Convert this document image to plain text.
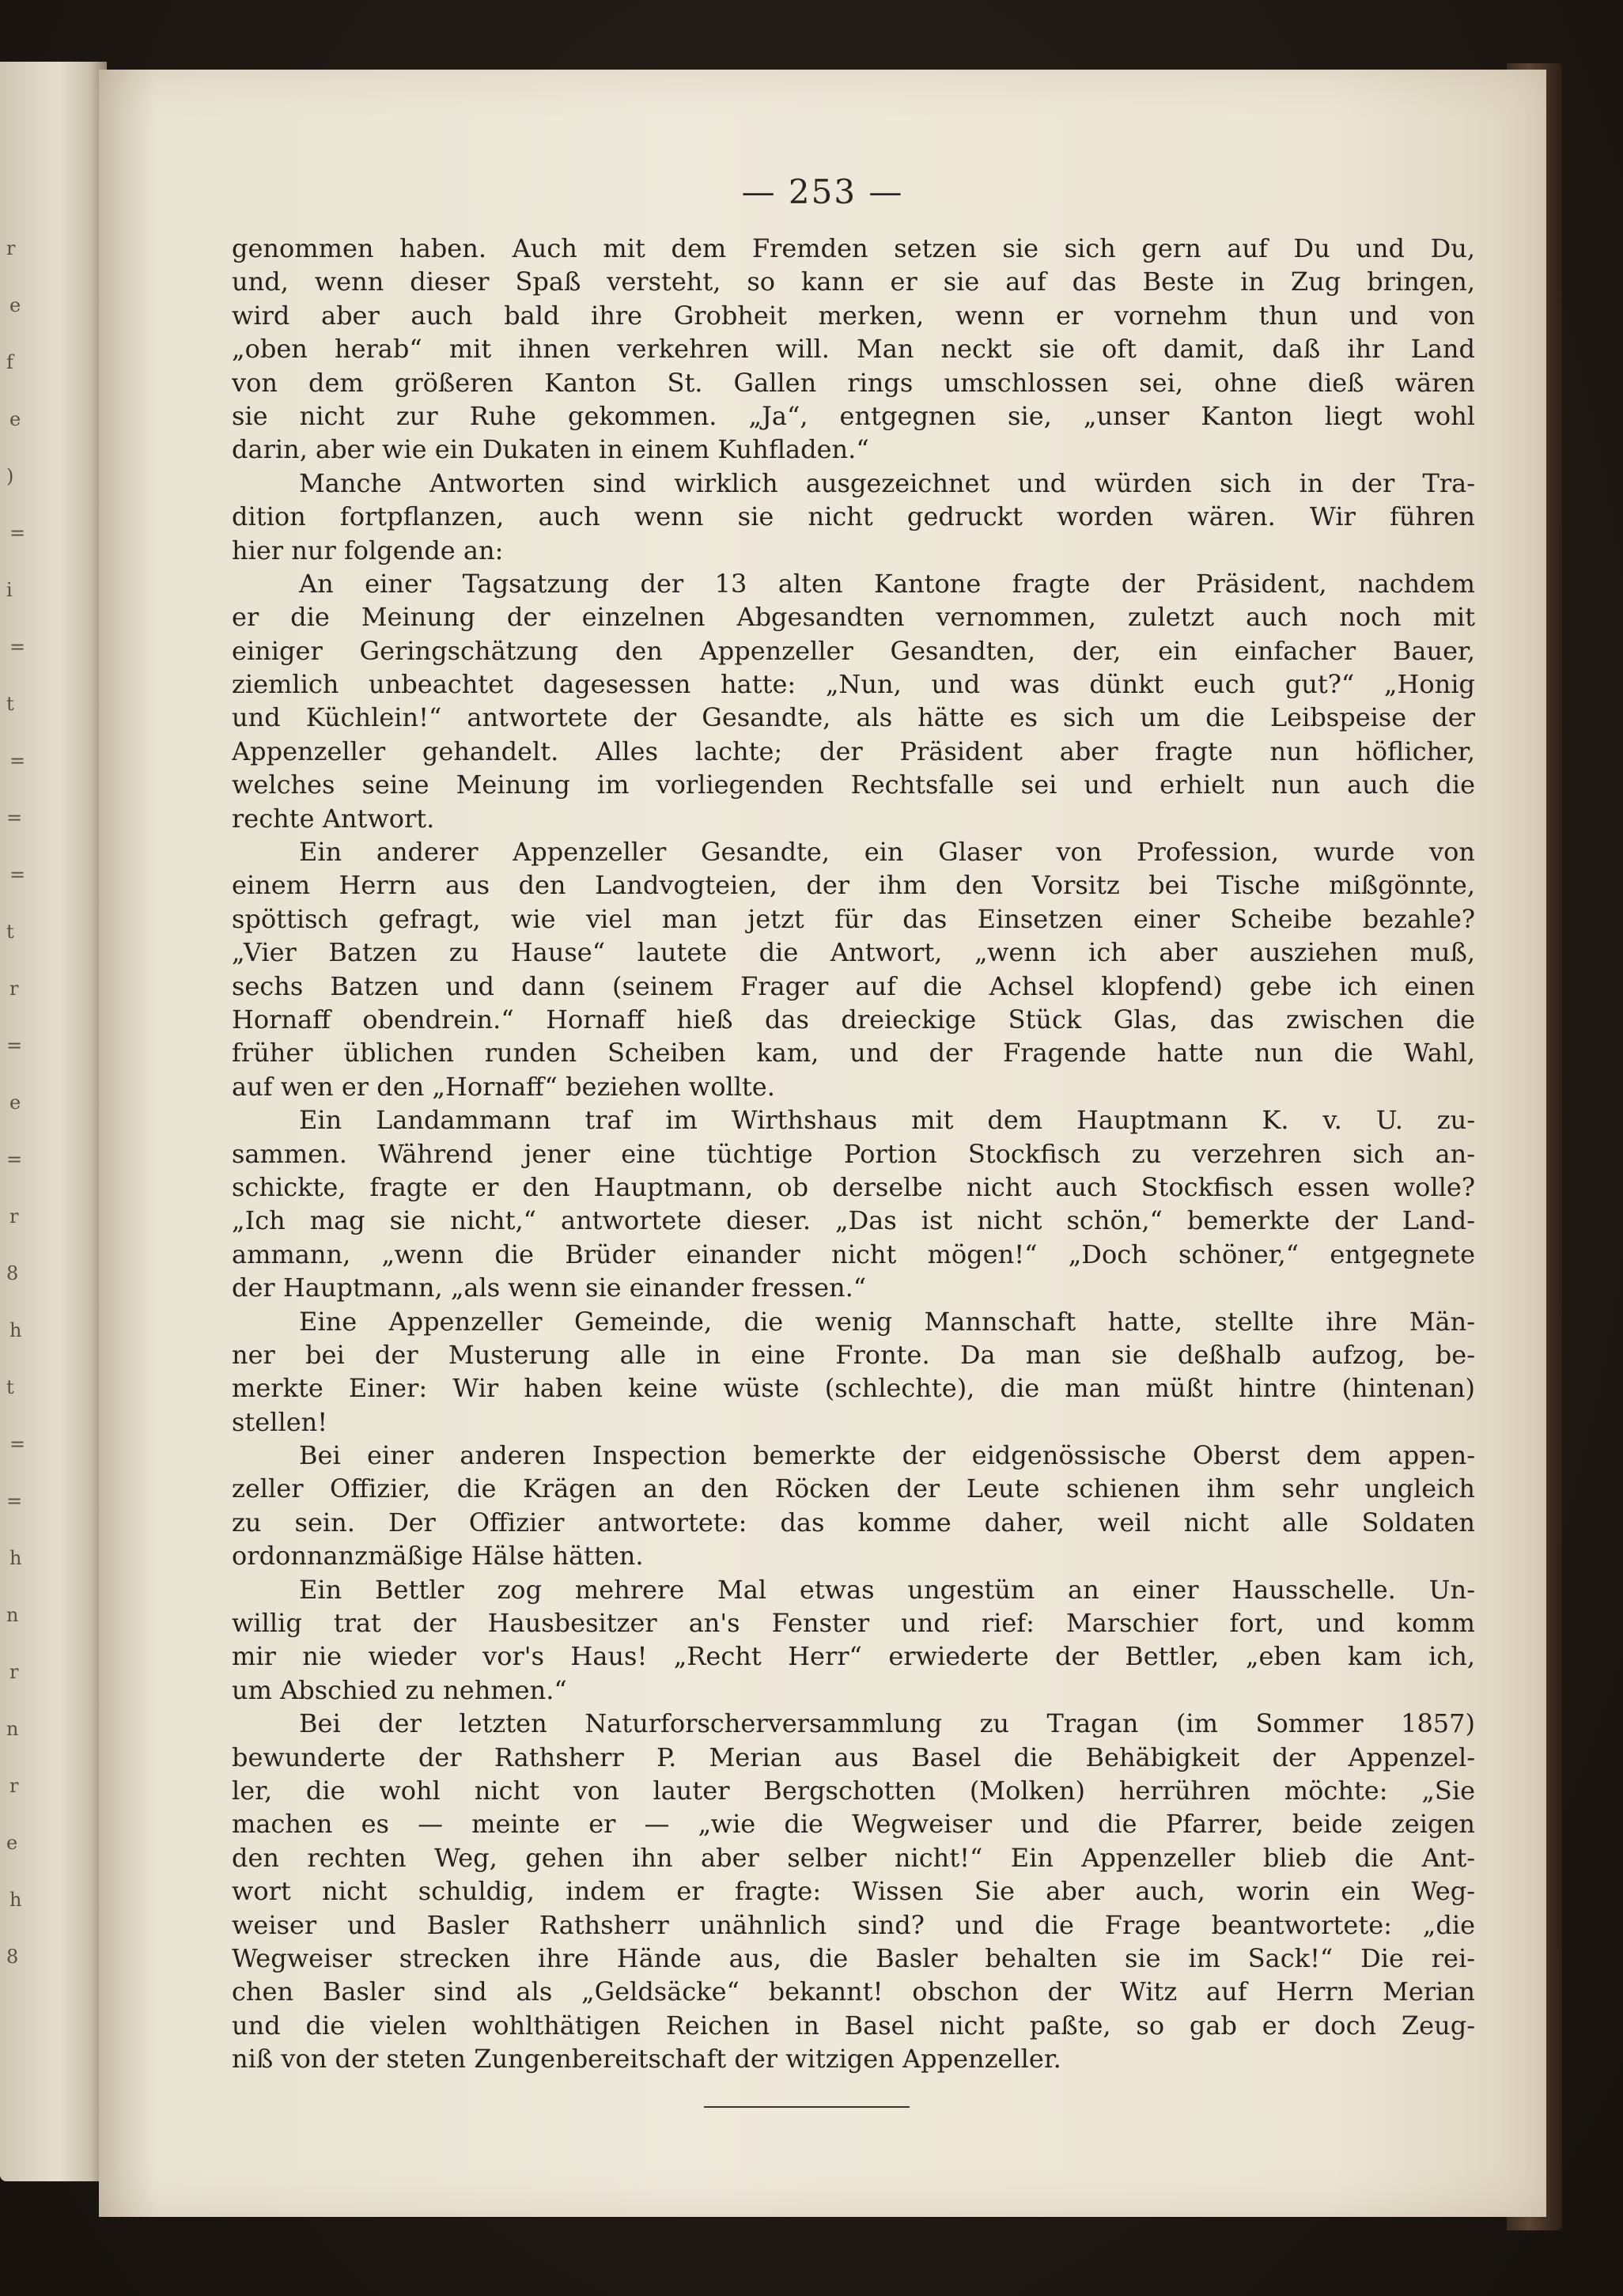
r
e
f
e
)
=
i
=
t
=
=
=
t
r
=
e
=
r
8
h
t
=
=
h
n
r
n
r
e
h
8
— 253 —
genommen haben. Auch mit dem Fremden setzen sie sich gern auf Du und Du,
und, wenn dieser Spaß versteht, so kann er sie auf das Beste in Zug bringen,
wird aber auch bald ihre Grobheit merken, wenn er vornehm thun und von
„oben herab“ mit ihnen verkehren will. Man neckt sie oft damit, daß ihr Land
von dem größeren Kanton St. Gallen rings umschlossen sei, ohne dieß wären
sie nicht zur Ruhe gekommen. „Ja“, entgegnen sie, „unser Kanton liegt wohl
darin, aber wie ein Dukaten in einem Kuhfladen.“
Manche Antworten sind wirklich ausgezeichnet und würden sich in der Tra-
dition fortpflanzen, auch wenn sie nicht gedruckt worden wären. Wir führen
hier nur folgende an:
An einer Tagsatzung der 13 alten Kantone fragte der Präsident, nachdem
er die Meinung der einzelnen Abgesandten vernommen, zuletzt auch noch mit
einiger Geringschätzung den Appenzeller Gesandten, der, ein einfacher Bauer,
ziemlich unbeachtet dagesessen hatte: „Nun, und was dünkt euch gut?“ „Honig
und Küchlein!“ antwortete der Gesandte, als hätte es sich um die Leibspeise der
Appenzeller gehandelt. Alles lachte; der Präsident aber fragte nun höflicher,
welches seine Meinung im vorliegenden Rechtsfalle sei und erhielt nun auch die
rechte Antwort.
Ein anderer Appenzeller Gesandte, ein Glaser von Profession, wurde von
einem Herrn aus den Landvogteien, der ihm den Vorsitz bei Tische mißgönnte,
spöttisch gefragt, wie viel man jetzt für das Einsetzen einer Scheibe bezahle?
„Vier Batzen zu Hause“ lautete die Antwort, „wenn ich aber ausziehen muß,
sechs Batzen und dann (seinem Frager auf die Achsel klopfend) gebe ich einen
Hornaff obendrein.“ Hornaff hieß das dreieckige Stück Glas, das zwischen die
früher üblichen runden Scheiben kam, und der Fragende hatte nun die Wahl,
auf wen er den „Hornaff“ beziehen wollte.
Ein Landammann traf im Wirthshaus mit dem Hauptmann K. v. U. zu-
sammen. Während jener eine tüchtige Portion Stockfisch zu verzehren sich an-
schickte, fragte er den Hauptmann, ob derselbe nicht auch Stockfisch essen wolle?
„Ich mag sie nicht,“ antwortete dieser. „Das ist nicht schön,“ bemerkte der Land-
ammann, „wenn die Brüder einander nicht mögen!“ „Doch schöner,“ entgegnete
der Hauptmann, „als wenn sie einander fressen.“
Eine Appenzeller Gemeinde, die wenig Mannschaft hatte, stellte ihre Män-
ner bei der Musterung alle in eine Fronte. Da man sie deßhalb aufzog, be-
merkte Einer: Wir haben keine wüste (schlechte), die man müßt hintre (hintenan)
stellen!
Bei einer anderen Inspection bemerkte der eidgenössische Oberst dem appen-
zeller Offizier, die Krägen an den Röcken der Leute schienen ihm sehr ungleich
zu sein. Der Offizier antwortete: das komme daher, weil nicht alle Soldaten
ordonnanzmäßige Hälse hätten.
Ein Bettler zog mehrere Mal etwas ungestüm an einer Hausschelle. Un-
willig trat der Hausbesitzer an's Fenster und rief: Marschier fort, und komm
mir nie wieder vor's Haus! „Recht Herr“ erwiederte der Bettler, „eben kam ich,
um Abschied zu nehmen.“
Bei der letzten Naturforscherversammlung zu Tragan (im Sommer 1857)
bewunderte der Rathsherr P. Merian aus Basel die Behäbigkeit der Appenzel-
ler, die wohl nicht von lauter Bergschotten (Molken) herrühren möchte: „Sie
machen es — meinte er — „wie die Wegweiser und die Pfarrer, beide zeigen
den rechten Weg, gehen ihn aber selber nicht!“ Ein Appenzeller blieb die Ant-
wort nicht schuldig, indem er fragte: Wissen Sie aber auch, worin ein Weg-
weiser und Basler Rathsherr unähnlich sind? und die Frage beantwortete: „die
Wegweiser strecken ihre Hände aus, die Basler behalten sie im Sack!“ Die rei-
chen Basler sind als „Geldsäcke“ bekannt! obschon der Witz auf Herrn Merian
und die vielen wohlthätigen Reichen in Basel nicht paßte, so gab er doch Zeug-
niß von der steten Zungenbereitschaft der witzigen Appenzeller.
